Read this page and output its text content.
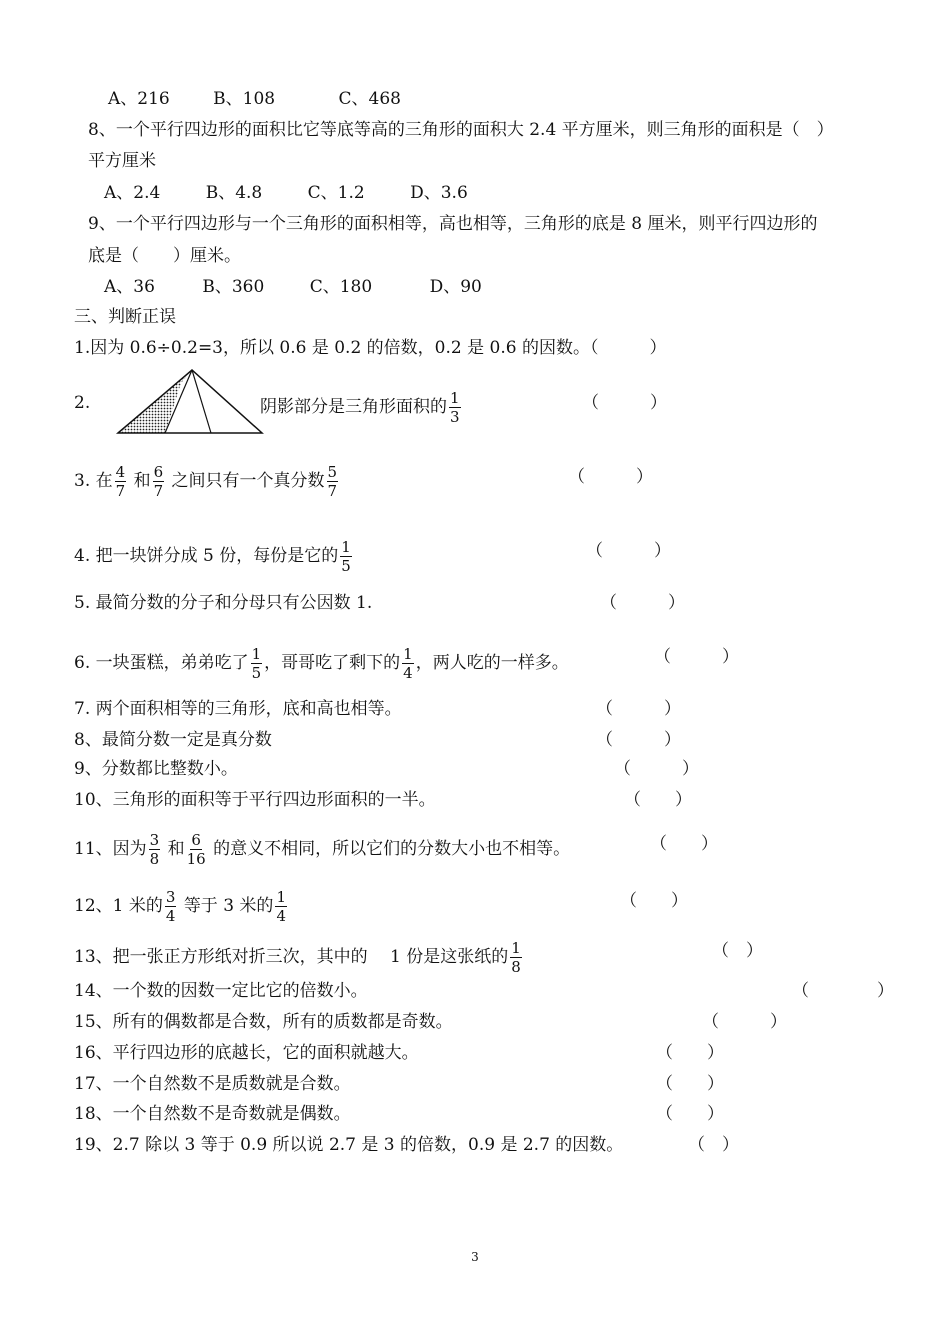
A、216	B、108	C、468
8、一个平行四边形的面积比它等底等高的三角形的面积大 2.4 平方厘米，则三角形的面积是（　）
平方厘米
A、2.4	B、4.8	C、1.2	D、3.6
9、一个平行四边形与一个三角形的面积相等，高也相等，三角形的底是 8 厘米，则平行四边形的
底是（　　）厘米。
A、36	B、360	C、180	D、90
三、判断正误
1.因为 0.6÷0.2=3，所以 0.6 是 0.2 的倍数，0.2 是 0.6 的因数。（　　　）
2.	阴影部分是三角形面积的 $\frac{1}{3}$	（　　　）
3. 在 $\frac{4}{7}$ 和 $\frac{6}{7}$ 之间只有一个真分数 $\frac{5}{7}$	（　　　）
4. 把一块饼分成 5 份，每份是它的 $\frac{1}{5}$	（　　　）
5. 最简分数的分子和分母只有公因数 1.	（　　　）
6. 一块蛋糕，弟弟吃了 $\frac{1}{5}$ ，哥哥吃了剩下的 $\frac{1}{4}$ ，两人吃的一样多。	（　　　）
7. 两个面积相等的三角形，底和高也相等。	（　　　）
8、最简分数一定是真分数	（　　　）
9、分数都比整数小。	（　　　）
10、三角形的面积等于平行四边形面积的一半。	（　　）
11、因为 $\frac{3}{8}$ 和 $\frac{6}{16}$ 的意义不相同，所以它们的分数大小也不相等。	（　　）
12、1 米的 $\frac{3}{4}$ 等于 3 米的 $\frac{1}{4}$	（　　）
13、把一张正方形纸对折三次，其中的　 1 份是这张纸的 $\frac{1}{8}$	（　）
14、一个数的因数一定比它的倍数小。	（　　　　）
15、所有的偶数都是合数，所有的质数都是奇数。	（　　　）
16、平行四边形的底越长，它的面积就越大。	（　　）
17、一个自然数不是质数就是合数。	（　　）
18、一个自然数不是奇数就是偶数。	（　　）
19、2.7 除以 3 等于 0.9 所以说 2.7 是 3 的倍数，0.9 是 2.7 的因数。	（　）
3
